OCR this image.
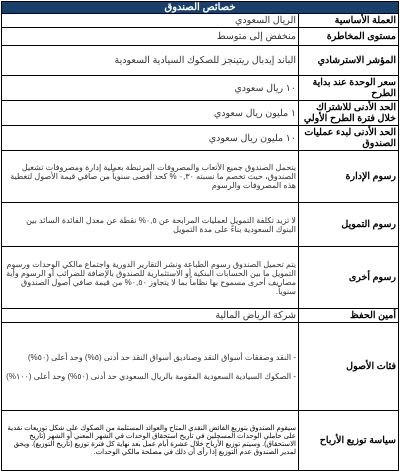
خصائص الصندوق	
العملة الأساسية	الريال السعودي
مستوى المخاطرة	منخفض إلى متوسط
المؤشر الاسترشادي	الباند إيدبال ريتينجز للصكوك السيادية السعودية
سعر الوحدة عند بداية الطرح	١٠ ريال سعودي
الحد الأدنى للاشتراك خلال فترة الطرح الأولي	١ مليون ريال سعودي
الحد الأدنى لبدء عمليات الصندوق	١٠ مليون ريال سعودي
رسوم الإدارة	يتحمل الصندوق جميع الأتعاب والمصروفات المرتبطة بعملية إدارة ومصروفات تشغيل الصندوق، حيث تخصم ما نسبته ٠,٣٠ % كحد أقصى سنوياً من صافي قيمة الأصول لتغطية هذه المصروفات والرسوم
رسوم التمويل	لا تزيد تكلفة التمويل لعمليات المرابحة عن ٠,٥% نقطة عن معدل الفائدة السائد بين البنوك السعودية بناءً على مدة التمويل
رسوم أخرى	يتم تحميل الصندوق رسوم الطباعة ونشر التقارير الدورية واجتماع مالكي الوحدات ورسوم التمويل ما بين الحسابات البنكية أو الاستثمارية للصندوق بالإضافة للضرائب أو الرسوم وأية مصاريف أخرى مسموح بها نظاماً بما لا يتجاوز ٠,٥٠% من قيمة صافي أصول الصندوق سنوياً.
أمين الحفظ	شركة الرياض المالية
فئات الأصول	- النقد وصفقات أسواق النقد وصناديق أسواق النقد حد أدنى (٥%) وحد أعلى (٥٠%)

- الصكوك السيادية السعودية المقومة بالريال السعودي حد أدنى (٥٠%) وحد أعلى (١٠٠%)

سياسة توزيع الأرباح	سيقوم الصندوق بتوزيع الفائض النقدي المتاح والعوائد المستلمة من الصكوك على شكل توزيعات نقدية على حاملي الوحدات المسجلين في تاريخ استحقاق الوحدات في الشهر المعني أو الشهر (تاريخ الاستحقاق). وسيتم توزيع الأرباح خلال عشرة أيام عمل بعد نهاية كل فترة توزيع (تاريخ التوزيع). ويحق لمدير الصندوق عدم التوزيع إذا رأى أن ذلك في مصلحة مالكي الوحدات.
